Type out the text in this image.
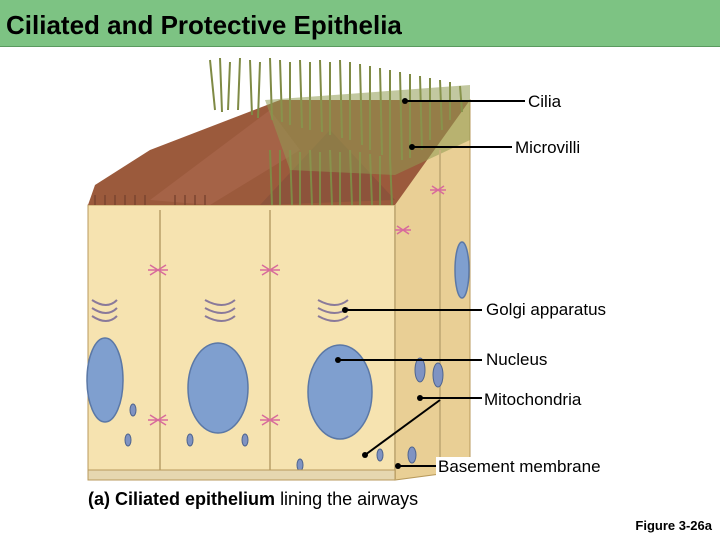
Ciliated and Protective Epithelia
Cilia
Microvilli
Golgi apparatus
Nucleus
Mitochondria
Basement membrane
(a) Ciliated epithelium lining the airways
Figure 3-26a
